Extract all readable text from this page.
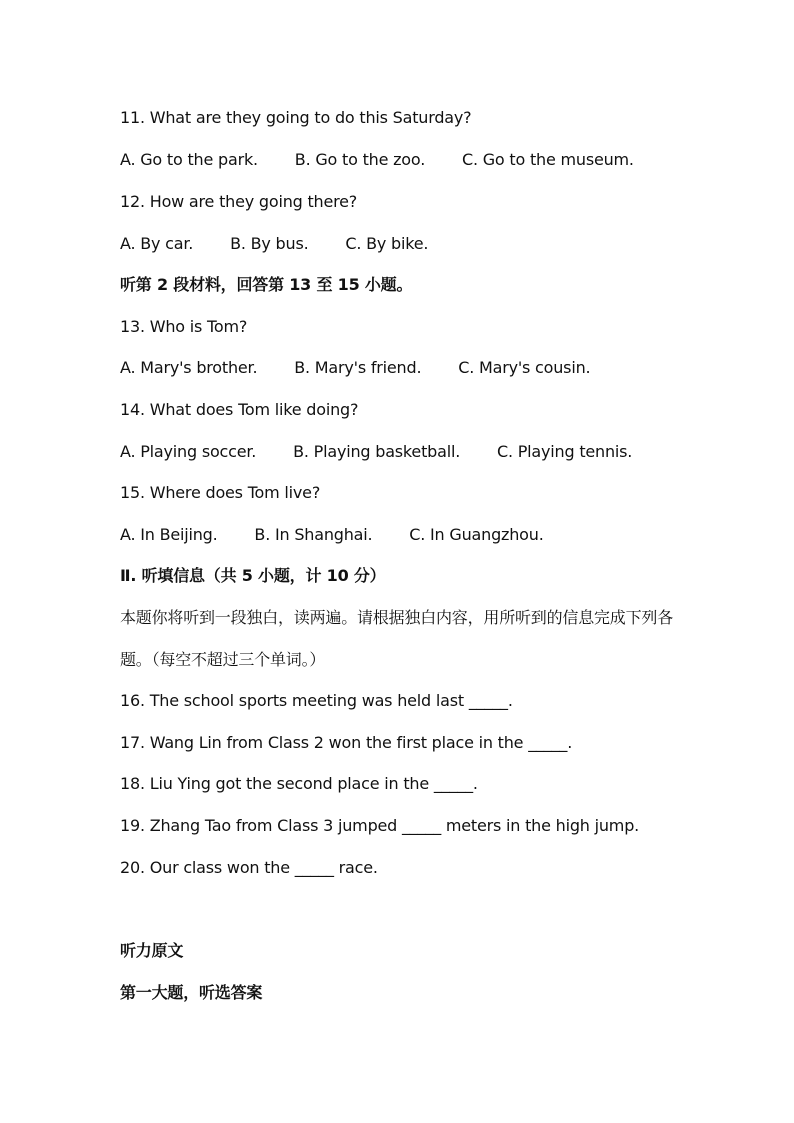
11. What are they going to do this Saturday?
A. Go to the park. B. Go to the zoo. C. Go to the museum.
12. How are they going there?
A. By car. B. By bus. C. By bike.
听第 2 段材料，回答第 13 至 15 小题。
13. Who is Tom?
A. Mary's brother. B. Mary's friend. C. Mary's cousin.
14. What does Tom like doing?
A. Playing soccer. B. Playing basketball. C. Playing tennis.
15. Where does Tom live?
A. In Beijing. B. In Shanghai. C. In Guangzhou.
Ⅱ. 听填信息（共 5 小题，计 10 分）
本题你将听到一段独白，读两遍。请根据独白内容，用所听到的信息完成下列各
题。（每空不超过三个单词。）
16. The school sports meeting was held last _____.
17. Wang Lin from Class 2 won the first place in the _____.
18. Liu Ying got the second place in the _____.
19. Zhang Tao from Class 3 jumped _____ meters in the high jump.
20. Our class won the _____ race.
听力原文
第一大题，听选答案
